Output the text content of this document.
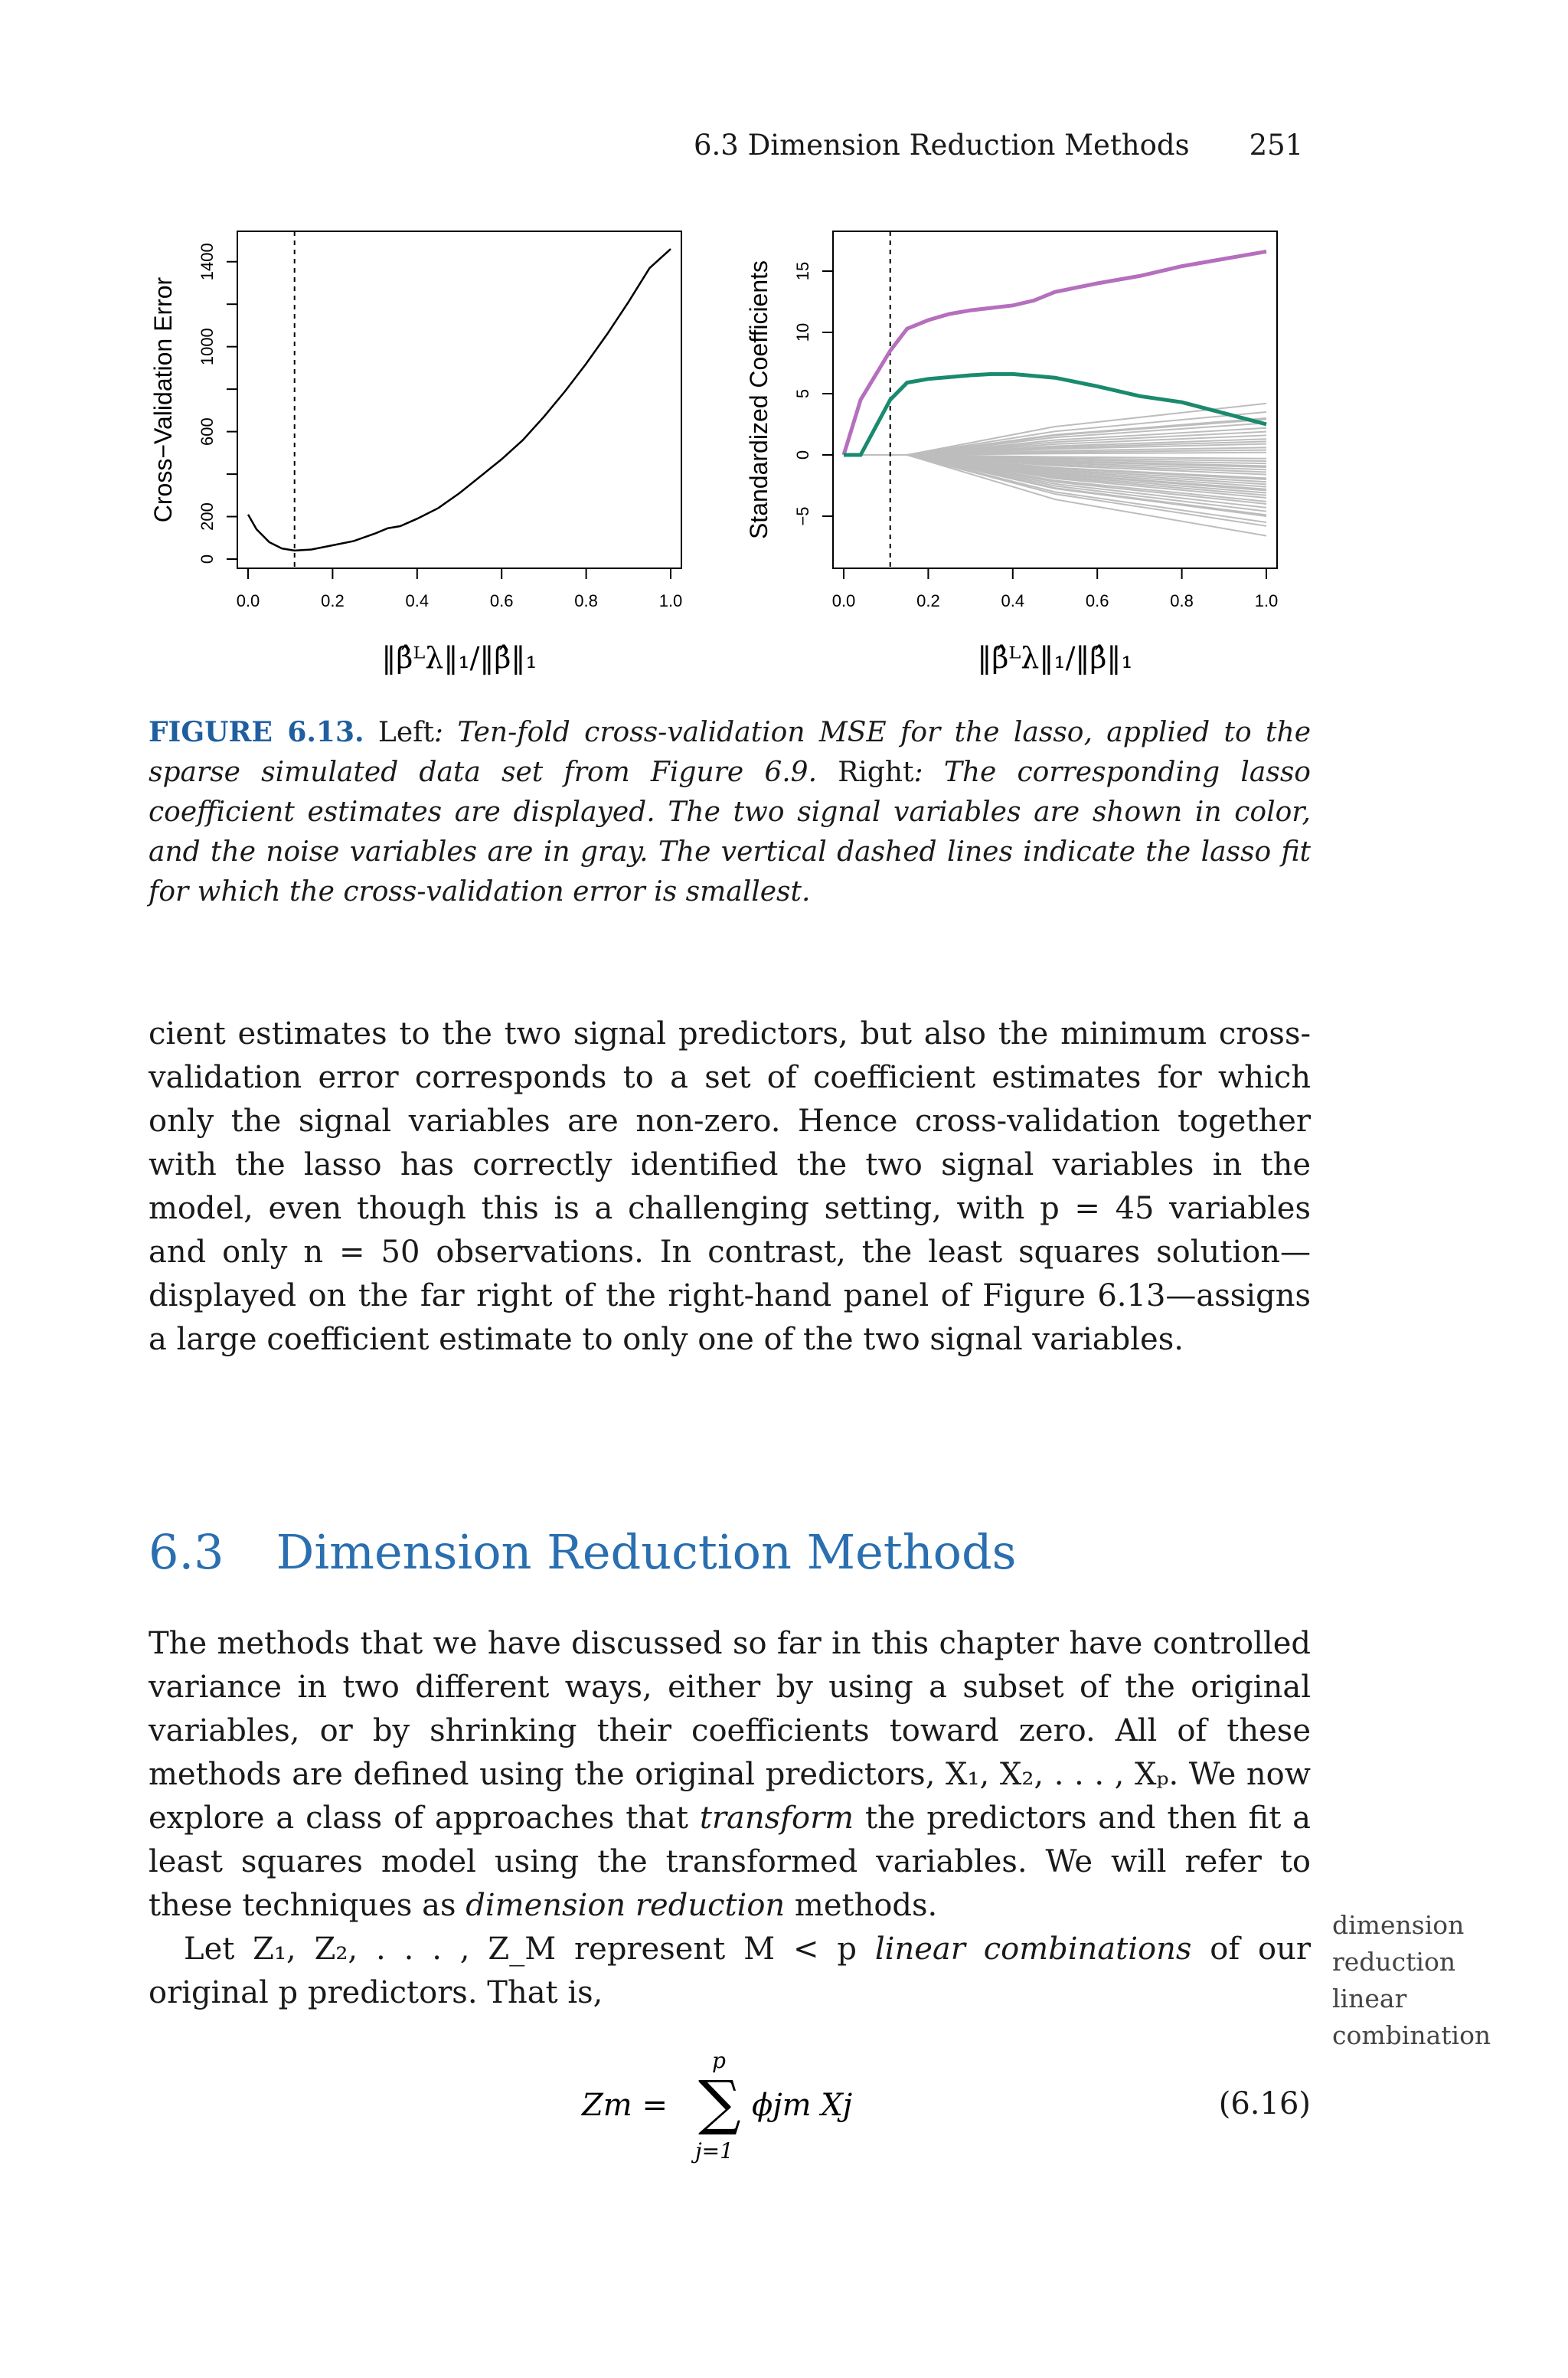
6.3 Dimension Reduction Methods 251
0.0	0.2	0.4	0.6	0.8	1.0
0
200
600
1000
1400
Cross−Validation Error
‖β̂ᴸλ‖₁/‖β̂‖₁
0.0	0.2	0.4	0.6	0.8	1.0
−5
0
5
10
15
Standardized Coefficients
‖β̂ᴸλ‖₁/‖β̂‖₁
FIGURE 6.13. Left: Ten-fold cross-validation MSE for the lasso, applied to the sparse simulated data set from Figure 6.9. Right: The corresponding lasso coefficient estimates are displayed. The two signal variables are shown in color, and the noise variables are in gray. The vertical dashed lines indicate the lasso fit for which the cross-validation error is smallest.
cient estimates to the two signal predictors, but also the minimum cross-validation error corresponds to a set of coefficient estimates for which only the signal variables are non-zero. Hence cross-validation together with the lasso has correctly identified the two signal variables in the model, even though this is a challenging setting, with p = 45 variables and only n = 50 observations. In contrast, the least squares solution—displayed on the far right of the right-hand panel of Figure 6.13—assigns a large coefficient estimate to only one of the two signal variables.
6.3 Dimension Reduction Methods

The methods that we have discussed so far in this chapter have controlled variance in two different ways, either by using a subset of the original variables, or by shrinking their coefficients toward zero. All of these methods are defined using the original predictors, X₁, X₂, . . . , Xₚ. We now explore a class of approaches that transform the predictors and then fit a least squares model using the transformed variables. We will refer to these techniques as dimension reduction methods.

Let Z₁, Z₂, . . . , Z_M represent M < p linear combinations of our original p predictors. That is,

dimension
reduction
linear
combination
Zm = ∑
p
j=1
ϕjm Xj	(6.16)
